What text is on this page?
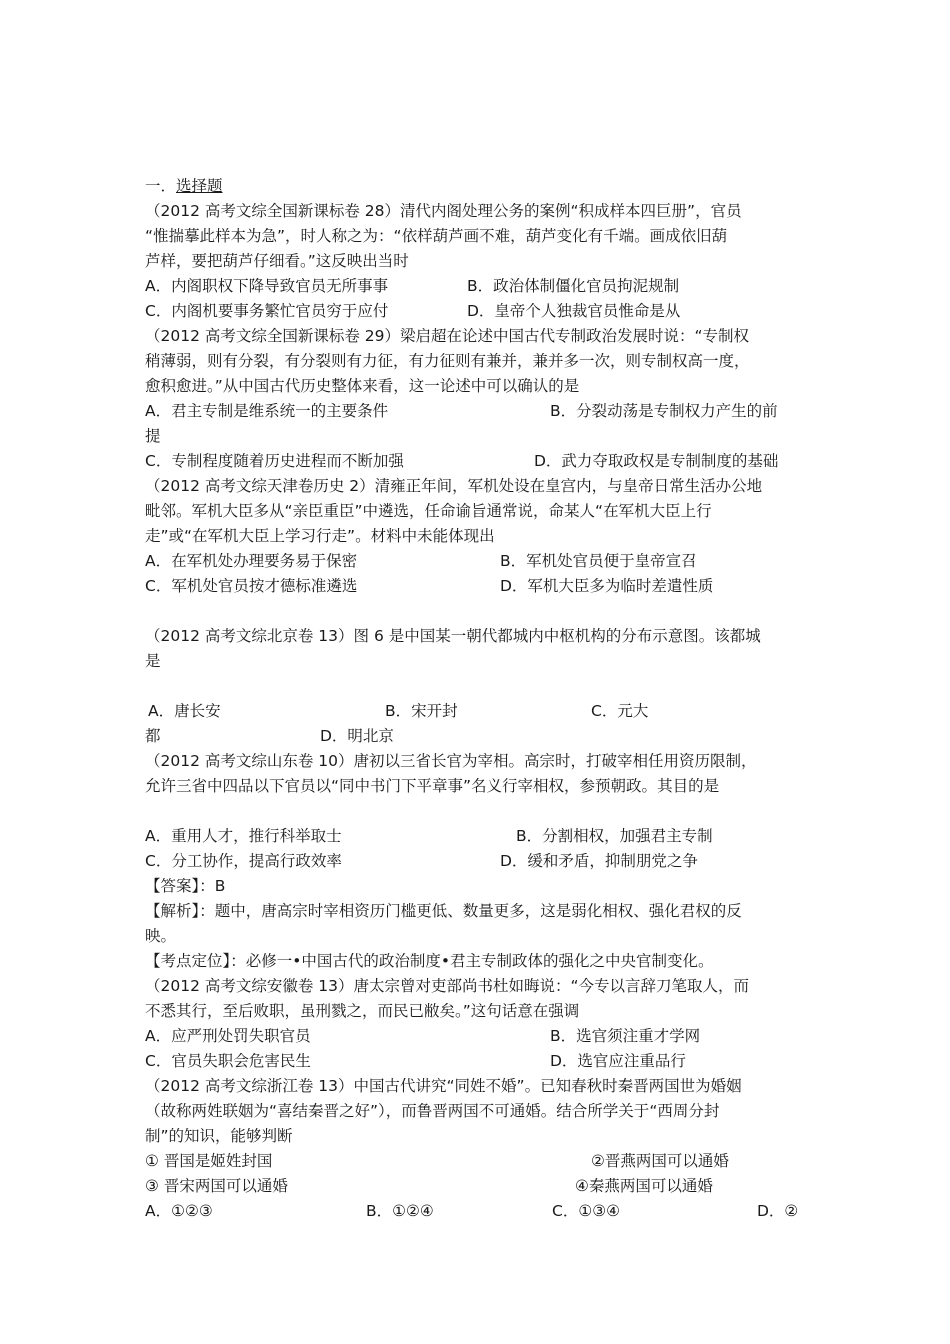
一．选择题
（2012 高考文综全国新课标卷 28）清代内阁处理公务的案例“积成样本四巨册”，官员
“惟揣摹此样本为急”，时人称之为：“依样葫芦画不难，葫芦变化有千端。画成依旧葫
芦样，要把葫芦仔细看。”这反映出当时
A．内阁职权下降导致官员无所事事	B．政治体制僵化官员拘泥规制
C．内阁机要事务繁忙官员穷于应付	D．皇帝个人独裁官员惟命是从
（2012 高考文综全国新课标卷 29）梁启超在论述中国古代专制政治发展时说：“专制权
稍薄弱，则有分裂，有分裂则有力征，有力征则有兼并，兼并多一次，则专制权高一度，
愈积愈进。”从中国古代历史整体来看，这一论述中可以确认的是
A．君主专制是维系统一的主要条件	B．分裂动荡是专制权力产生的前
提
C．专制程度随着历史进程而不断加强	D．武力夺取政权是专制制度的基础
（2012 高考文综天津卷历史 2）清雍正年间，军机处设在皇宫内，与皇帝日常生活办公地
毗邻。军机大臣多从“亲臣重臣”中遴选，任命谕旨通常说，命某人“在军机大臣上行
走”或“在军机大臣上学习行走”。材料中未能体现出
A．在军机处办理要务易于保密	B．军机处官员便于皇帝宣召
C．军机处官员按才德标准遴选	D．军机大臣多为临时差遣性质
（2012 高考文综北京卷 13）图 6 是中国某一朝代都城内中枢机构的分布示意图。该都城
是
A．唐长安	B．宋开封	C．元大
都	D．明北京
（2012 高考文综山东卷 10）唐初以三省长官为宰相。高宗时，打破宰相任用资历限制，
允许三省中四品以下官员以“同中书门下平章事”名义行宰相权，参预朝政。其目的是
A．重用人才，推行科举取士	B．分割相权，加强君主专制
C．分工协作，提高行政效率	D．缓和矛盾，抑制朋党之争
【答案】：B
【解析】：题中，唐高宗时宰相资历门槛更低、数量更多，这是弱化相权、强化君权的反
映。
【考点定位】：必修一•中国古代的政治制度•君主专制政体的强化之中央官制变化。
（2012 高考文综安徽卷 13）唐太宗曾对吏部尚书杜如晦说：“今专以言辞刀笔取人，而
不悉其行，至后败职，虽刑戮之，而民已敝矣。”这句话意在强调
A．应严刑处罚失职官员	B．选官须注重才学网
C．官员失职会危害民生	D．选官应注重品行
（2012 高考文综浙江卷 13）中国古代讲究“同姓不婚”。已知春秋时秦晋两国世为婚姻
（故称两姓联姻为“喜结秦晋之好”），而鲁晋两国不可通婚。结合所学关于“西周分封
制”的知识，能够判断
① 晋国是姬姓封国	②晋燕两国可以通婚
③ 晋宋两国可以通婚	④秦燕两国可以通婚
A．①②③	B．①②④	C．①③④	D．②
